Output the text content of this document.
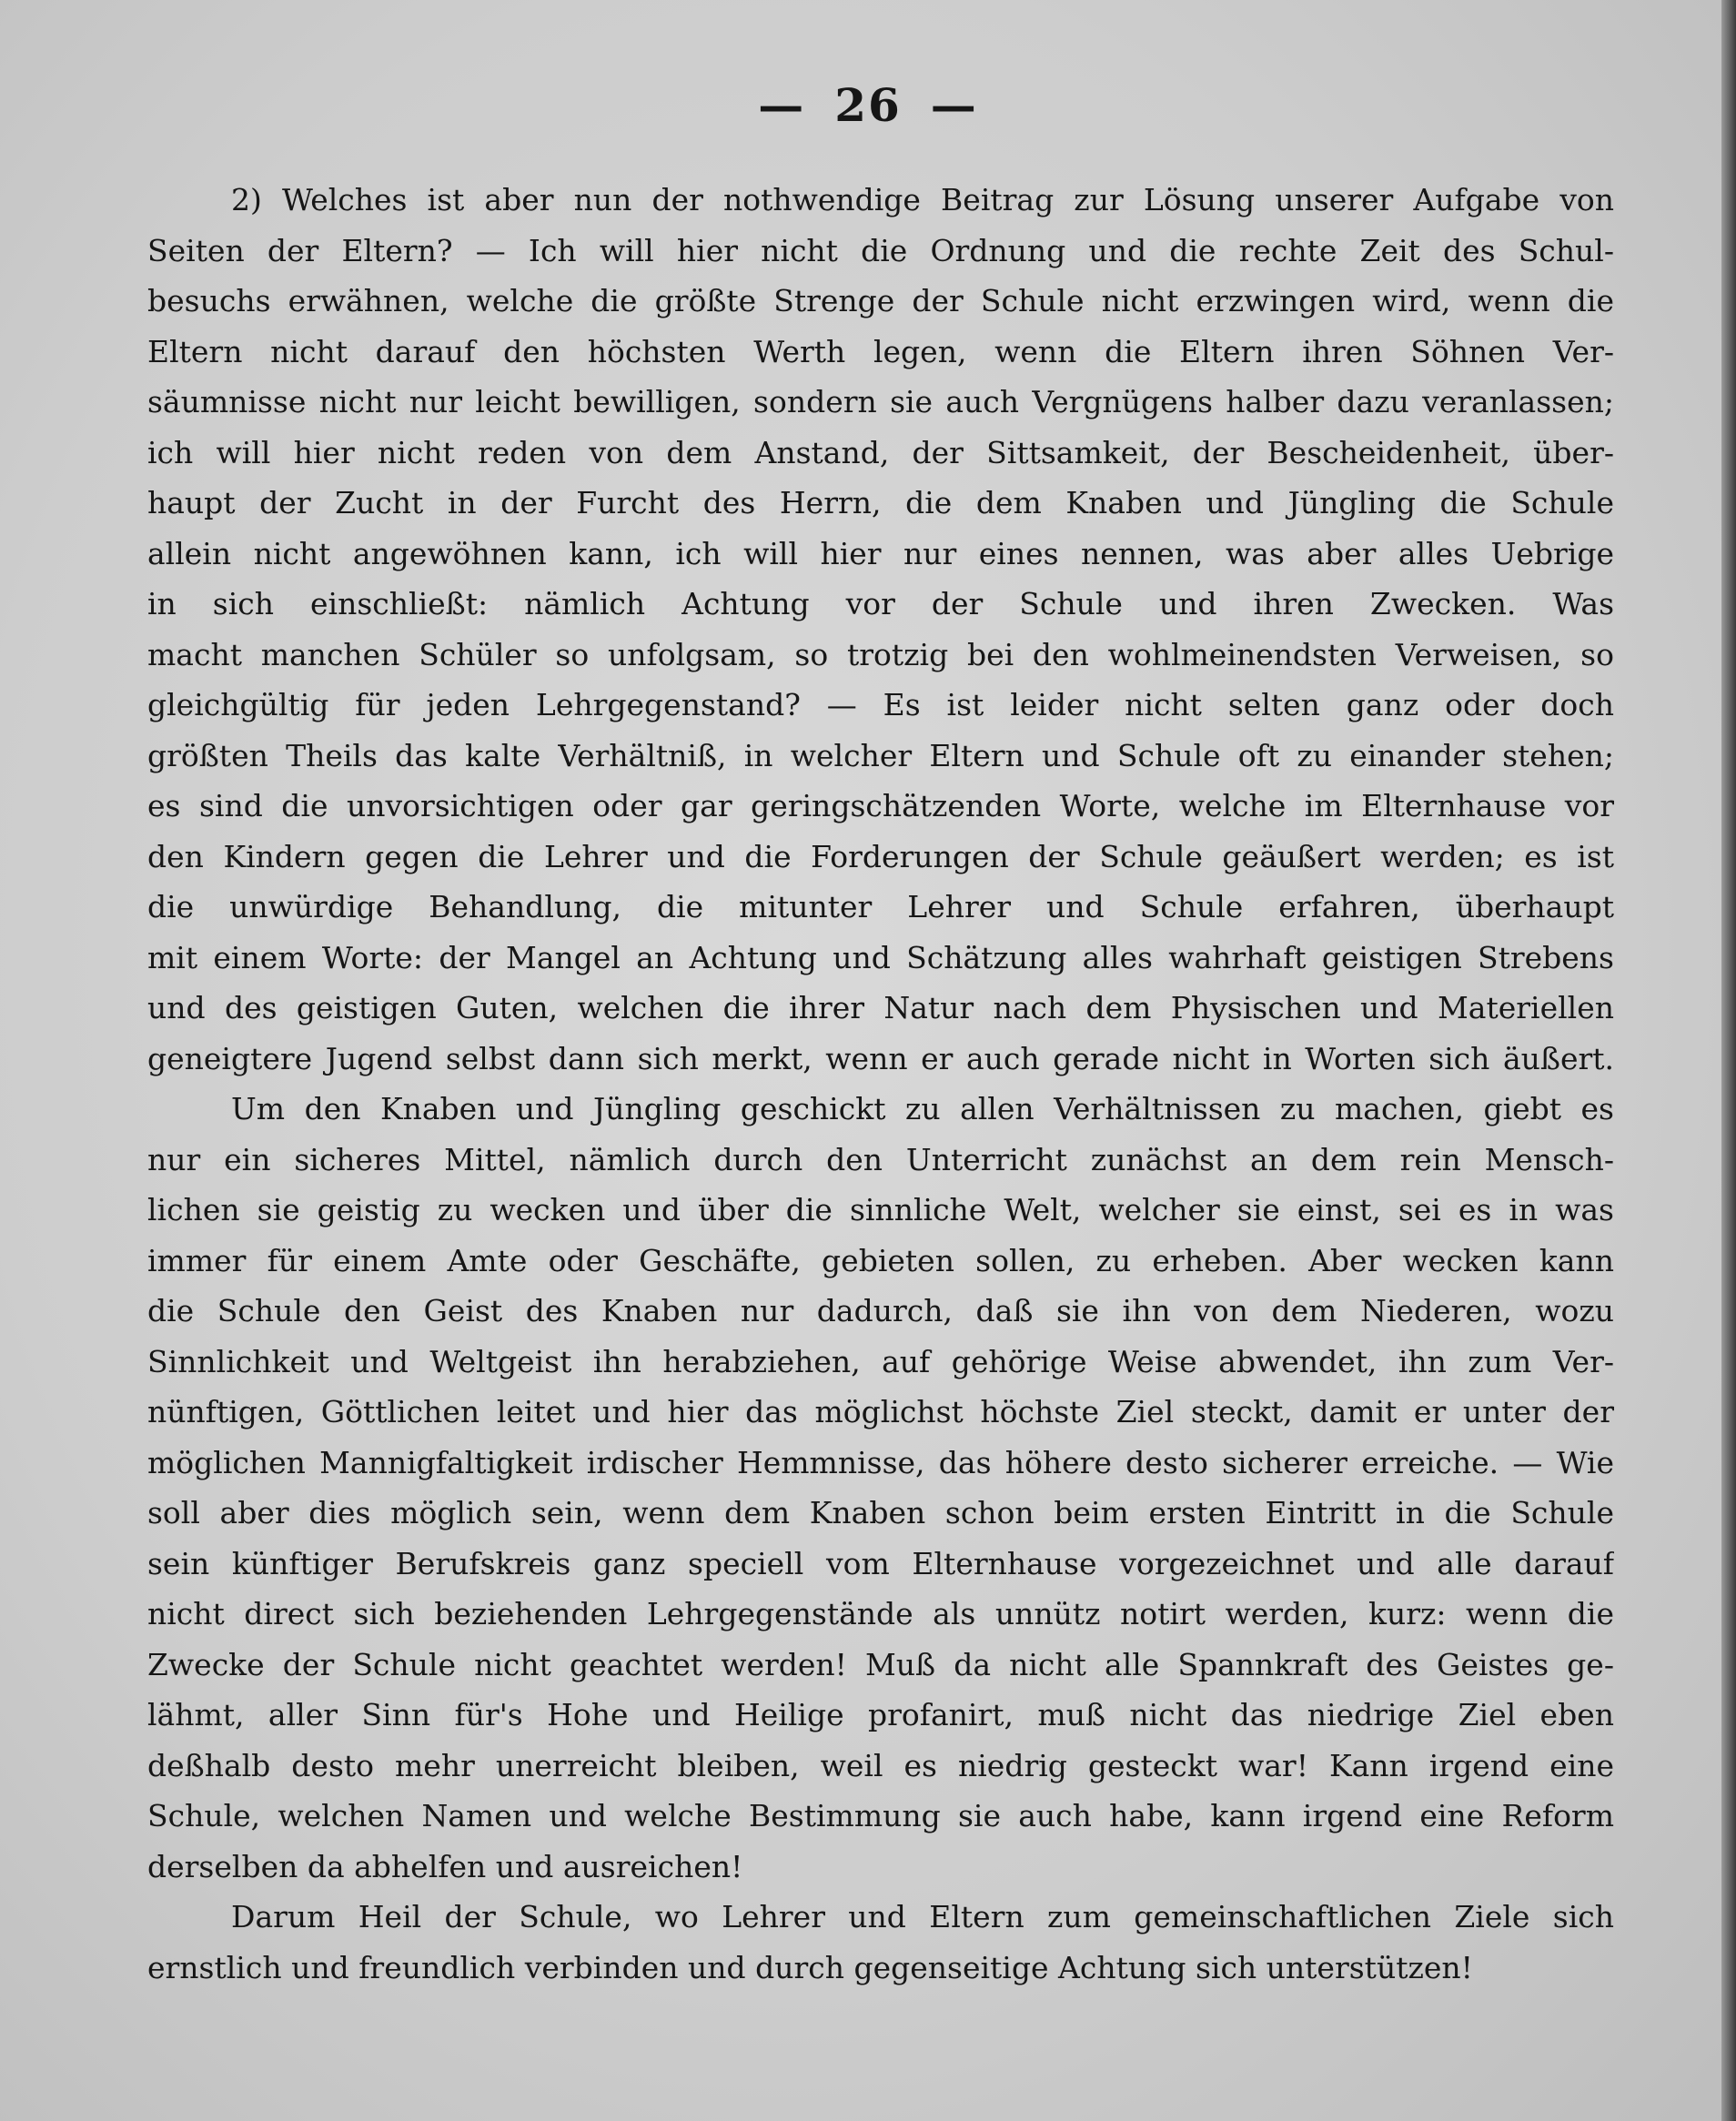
— 26 —
2) Welches ist aber nun der nothwendige Beitrag zur Lösung unserer Aufgabe von
Seiten der Eltern? — Ich will hier nicht die Ordnung und die rechte Zeit des Schul-
besuchs erwähnen, welche die größte Strenge der Schule nicht erzwingen wird, wenn die
Eltern nicht darauf den höchsten Werth legen, wenn die Eltern ihren Söhnen Ver-
säumnisse nicht nur leicht bewilligen, sondern sie auch Vergnügens halber dazu veranlassen;
ich will hier nicht reden von dem Anstand, der Sittsamkeit, der Bescheidenheit, über-
haupt der Zucht in der Furcht des Herrn, die dem Knaben und Jüngling die Schule
allein nicht angewöhnen kann, ich will hier nur eines nennen, was aber alles Uebrige
in sich einschließt: nämlich Achtung vor der Schule und ihren Zwecken. Was
macht manchen Schüler so unfolgsam, so trotzig bei den wohlmeinendsten Verweisen, so
gleichgültig für jeden Lehrgegenstand? — Es ist leider nicht selten ganz oder doch
größten Theils das kalte Verhältniß, in welcher Eltern und Schule oft zu einander stehen;
es sind die unvorsichtigen oder gar geringschätzenden Worte, welche im Elternhause vor
den Kindern gegen die Lehrer und die Forderungen der Schule geäußert werden; es ist
die unwürdige Behandlung, die mitunter Lehrer und Schule erfahren, überhaupt
mit einem Worte: der Mangel an Achtung und Schätzung alles wahrhaft geistigen Strebens
und des geistigen Guten, welchen die ihrer Natur nach dem Physischen und Materiellen
geneigtere Jugend selbst dann sich merkt, wenn er auch gerade nicht in Worten sich äußert.
Um den Knaben und Jüngling geschickt zu allen Verhältnissen zu machen, giebt es
nur ein sicheres Mittel, nämlich durch den Unterricht zunächst an dem rein Mensch-
lichen sie geistig zu wecken und über die sinnliche Welt, welcher sie einst, sei es in was
immer für einem Amte oder Geschäfte, gebieten sollen, zu erheben. Aber wecken kann
die Schule den Geist des Knaben nur dadurch, daß sie ihn von dem Niederen, wozu
Sinnlichkeit und Weltgeist ihn herabziehen, auf gehörige Weise abwendet, ihn zum Ver-
nünftigen, Göttlichen leitet und hier das möglichst höchste Ziel steckt, damit er unter der
möglichen Mannigfaltigkeit irdischer Hemmnisse, das höhere desto sicherer erreiche. — Wie
soll aber dies möglich sein, wenn dem Knaben schon beim ersten Eintritt in die Schule
sein künftiger Berufskreis ganz speciell vom Elternhause vorgezeichnet und alle darauf
nicht direct sich beziehenden Lehrgegenstände als unnütz notirt werden, kurz: wenn die
Zwecke der Schule nicht geachtet werden! Muß da nicht alle Spannkraft des Geistes ge-
lähmt, aller Sinn für's Hohe und Heilige profanirt, muß nicht das niedrige Ziel eben
deßhalb desto mehr unerreicht bleiben, weil es niedrig gesteckt war! Kann irgend eine
Schule, welchen Namen und welche Bestimmung sie auch habe, kann irgend eine Reform
derselben da abhelfen und ausreichen!
Darum Heil der Schule, wo Lehrer und Eltern zum gemeinschaftlichen Ziele sich
ernstlich und freundlich verbinden und durch gegenseitige Achtung sich unterstützen!
